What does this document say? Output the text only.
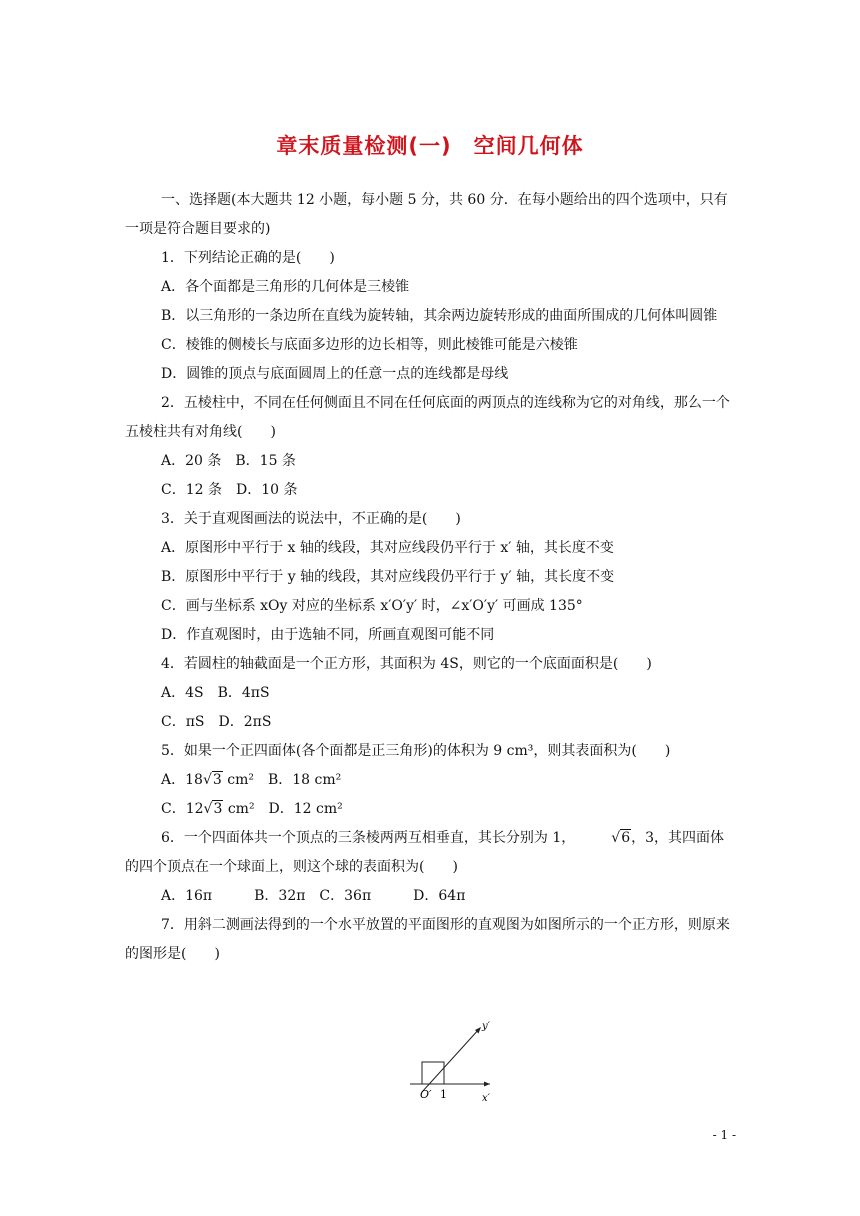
章末质量检测(一)　空间几何体

一、选择题(本大题共 12 小题，每小题 5 分，共 60 分．在每小题给出的四个选项中，只有一项是符合题目要求的)

1．下列结论正确的是(　　)

A．各个面都是三角形的几何体是三棱锥

B．以三角形的一条边所在直线为旋转轴，其余两边旋转形成的曲面所围成的几何体叫圆锥

C．棱锥的侧棱长与底面多边形的边长相等，则此棱锥可能是六棱锥

D．圆锥的顶点与底面圆周上的任意一点的连线都是母线

2．五棱柱中，不同在任何侧面且不同在任何底面的两顶点的连线称为它的对角线，那么一个五棱柱共有对角线(　　)

A．20 条　B．15 条

C．12 条　D．10 条

3．关于直观图画法的说法中，不正确的是(　　)

A．原图形中平行于 x 轴的线段，其对应线段仍平行于 x′ 轴，其长度不变

B．原图形中平行于 y 轴的线段，其对应线段仍平行于 y′ 轴，其长度不变

C．画与坐标系 xOy 对应的坐标系 x′O′y′ 时，∠x′O′y′ 可画成 135°

D．作直观图时，由于选轴不同，所画直观图可能不同

4．若圆柱的轴截面是一个正方形，其面积为 4S，则它的一个底面面积是(　　)

A．4S　B．4πS

C．πS　D．2πS

5．如果一个正四面体(各个面都是正三角形)的体积为 9 cm³，则其表面积为(　　)

A．18√3 cm²　B．18 cm²

C．12√3 cm²　D．12 cm²

6．一个四面体共一个顶点的三条棱两两互相垂直，其长分别为 1，	√6，3，其四面体的四个顶点在一个球面上，则这个球的表面积为(　　)

A．16π　　　B．32π　C．36π　　　D．64π

7．用斜二测画法得到的一个水平放置的平面图形的直观图为如图所示的一个正方形，则原来的图形是(　　)

y′
x′
O′ 1
- 1 -
